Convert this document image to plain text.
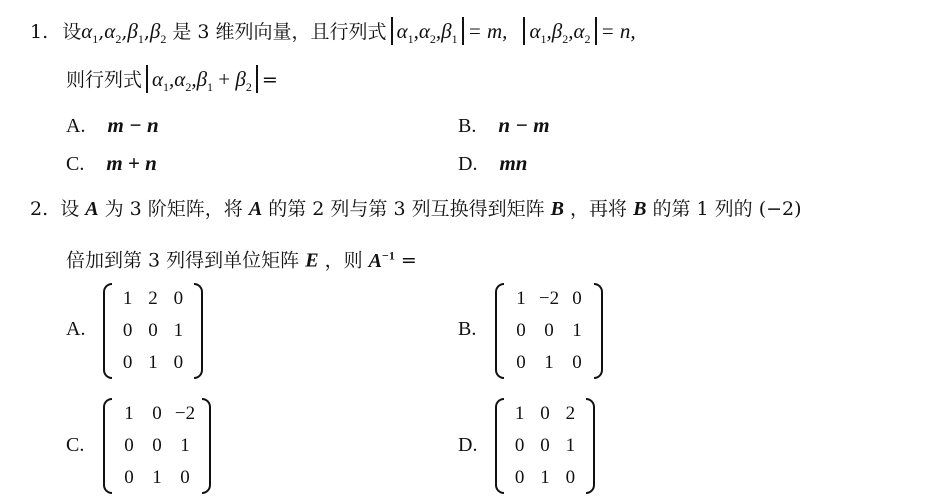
1. 设$\alpha_1,\alpha_2,\beta_1,\beta_2$ 是 3 维列向量，且行列式 $\alpha_1,\alpha_2,\beta_1 = m$, $\alpha_1,\beta_2,\alpha_2 = n$,
则行列式 $\alpha_1,\alpha_2,\beta_1 + \beta_2$ =
A. m − n	B. n − m
C. m + n	D. mn
2. 设 A 为 3 阶矩阵，将 A 的第 2 列与第 3 列互换得到矩阵 B ，再将 B 的第 1 列的 (−2)
倍加到第 3 列得到单位矩阵 E ，则 $A^{-1}$ =
A.
1 2 0
0 0 1
0 1 0
B.
1 −2 0
0 0 1
0 1 0
C.
1 0 −2
0 0 1
0 1 0
D.
1 0 2
0 0 1
0 1 0
